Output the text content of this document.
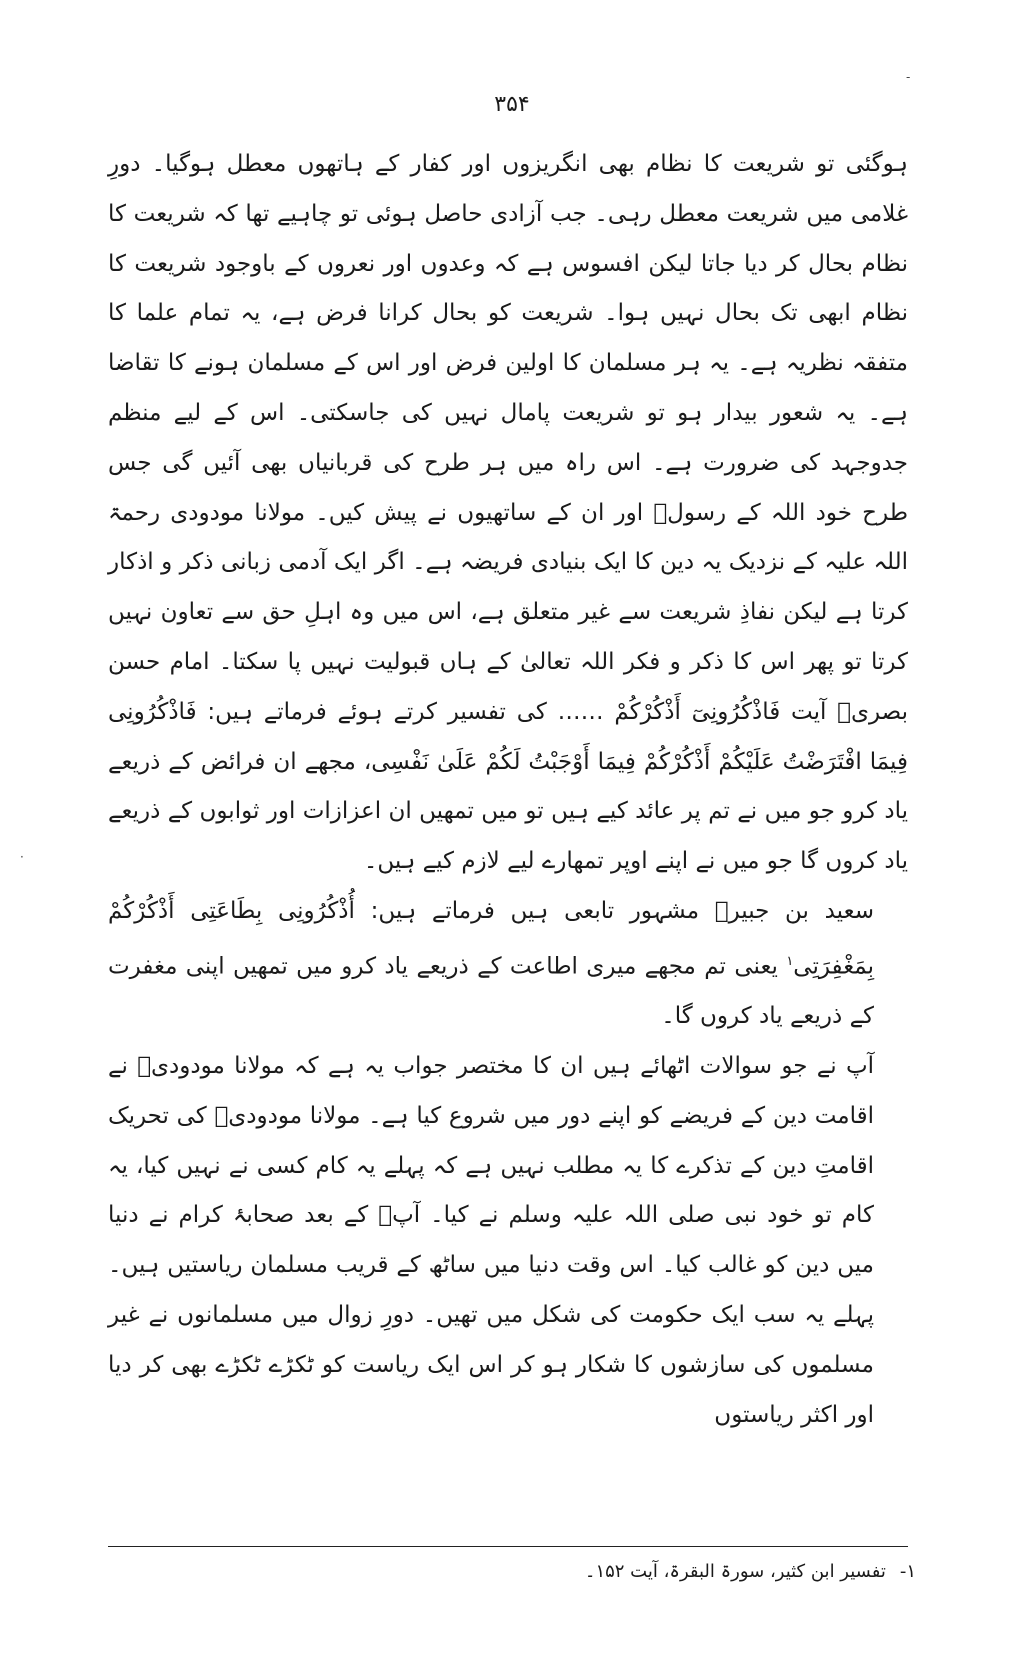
-
·
۳۵۴

ہوگئی تو شریعت کا نظام بھی انگریزوں اور کفار کے ہاتھوں معطل ہوگیا۔ دورِ غلامی میں شریعت معطل رہی۔ جب آزادی حاصل ہوئی تو چاہیے تھا کہ شریعت کا نظام بحال کر دیا جاتا لیکن افسوس ہے کہ وعدوں اور نعروں کے باوجود شریعت کا نظام ابھی تک بحال نہیں ہوا۔ شریعت کو بحال کرانا فرض ہے، یہ تمام علما کا متفقہ نظریہ ہے۔ یہ ہر مسلمان کا اولین فرض اور اس کے مسلمان ہونے کا تقاضا ہے۔ یہ شعور بیدار ہو تو شریعت پامال نہیں کی جاسکتی۔ اس کے لیے منظم جدوجہد کی ضرورت ہے۔ اس راہ میں ہر طرح کی قربانیاں بھی آئیں گی جس طرح خود اللہ کے رسولؐ اور ان کے ساتھیوں نے پیش کیں۔ مولانا مودودی رحمۃ اللہ علیہ کے نزدیک یہ دین کا ایک بنیادی فریضہ ہے۔ اگر ایک آدمی زبانی ذکر و اذکار کرتا ہے لیکن نفاذِ شریعت سے غیر متعلق ہے، اس میں وہ اہلِ حق سے تعاون نہیں کرتا تو پھر اس کا ذکر و فکر اللہ تعالیٰ کے ہاں قبولیت نہیں پا سکتا۔ امام حسن بصریؒ آیت فَاذْكُرُونِىٓ أَذْكُرْكُمْ …… کی تفسیر کرتے ہوئے فرماتے ہیں: فَاذْكُرُونِى فِيمَا افْتَرَضْتُ عَلَيْكُمْ أَذْكُرْكُمْ فِيمَا أَوْجَبْتُ لَكُمْ عَلَىٰ نَفْسِى، مجھے ان فرائض کے ذریعے یاد کرو جو میں نے تم پر عائد کیے ہیں تو میں تمھیں ان اعزازات اور ثوابوں کے ذریعے یاد کروں گا جو میں نے اپنے اوپر تمھارے لیے لازم کیے ہیں۔

سعید بن جبیرؒ مشہور تابعی ہیں فرماتے ہیں: أُذْكُرُونِى بِطَاعَتِى أَذْكُرْكُمْ بِمَغْفِرَتِى$^۱$ یعنی تم مجھے میری اطاعت کے ذریعے یاد کرو میں تمھیں اپنی مغفرت کے ذریعے یاد کروں گا۔

آپ نے جو سوالات اٹھائے ہیں ان کا مختصر جواب یہ ہے کہ مولانا مودودیؒ نے اقامت دین کے فریضے کو اپنے دور میں شروع کیا ہے۔ مولانا مودودیؒ کی تحریک اقامتِ دین کے تذکرے کا یہ مطلب نہیں ہے کہ پہلے یہ کام کسی نے نہیں کیا، یہ کام تو خود نبی صلی اللہ علیہ وسلم نے کیا۔ آپؐ کے بعد صحابۂ کرام نے دنیا میں دین کو غالب کیا۔ اس وقت دنیا میں ساٹھ کے قریب مسلمان ریاستیں ہیں۔ پہلے یہ سب ایک حکومت کی شکل میں تھیں۔ دورِ زوال میں مسلمانوں نے غیر مسلموں کی سازشوں کا شکار ہو کر اس ایک ریاست کو ٹکڑے ٹکڑے بھی کر دیا اور اکثر ریاستوں

۱-تفسیر ابن کثیر، سورۃ البقرۃ، آیت ۱۵۲۔
